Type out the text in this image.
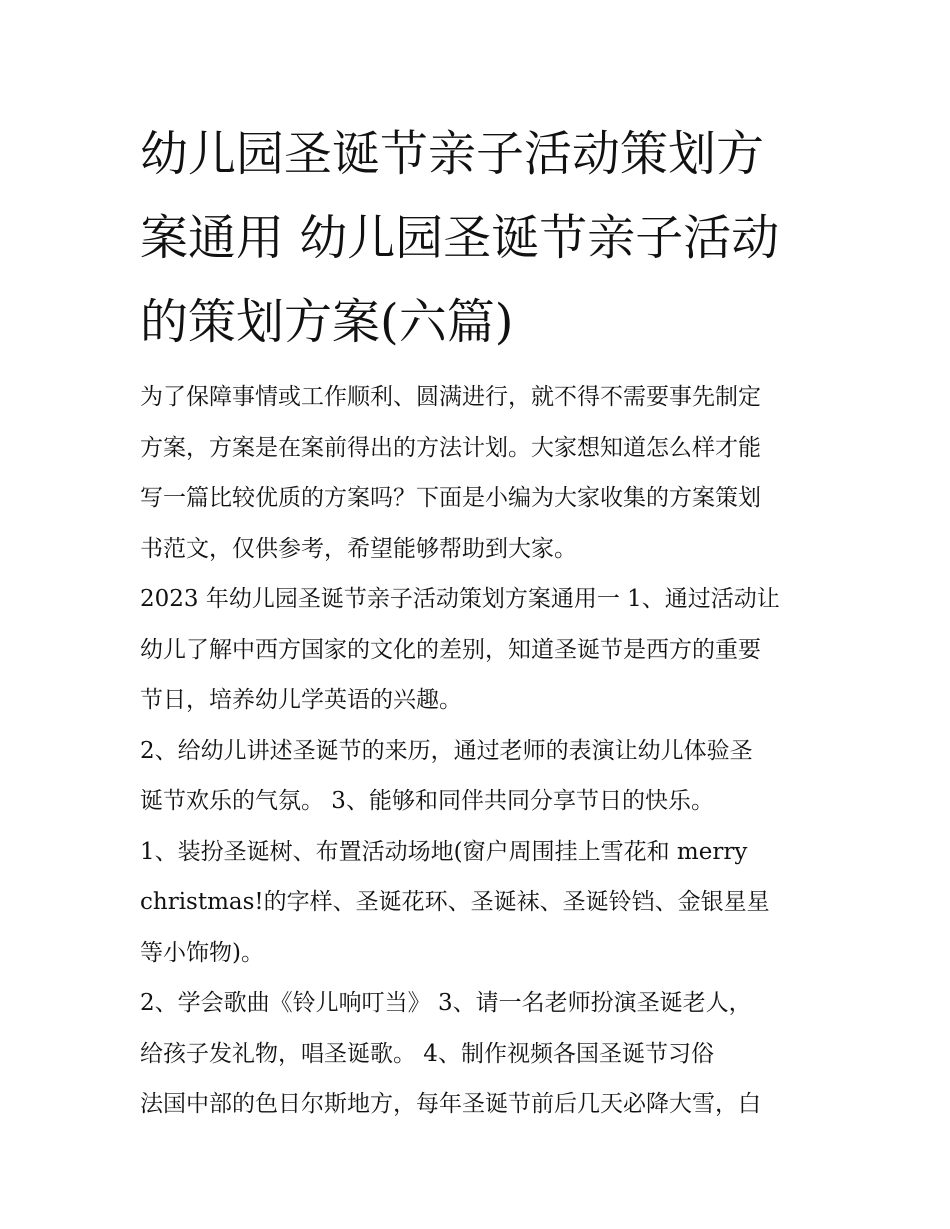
幼儿园圣诞节亲子活动策划方
案通用 幼儿园圣诞节亲子活动
的策划方案(六篇)

为了保障事情或工作顺利、圆满进行，就不得不需要事先制定
方案，方案是在案前得出的方法计划。大家想知道怎么样才能
写一篇比较优质的方案吗？下面是小编为大家收集的方案策划
书范文，仅供参考，希望能够帮助到大家。

2023 年幼儿园圣诞节亲子活动策划方案通用一 1、通过活动让
幼儿了解中西方国家的文化的差别，知道圣诞节是西方的重要
节日，培养幼儿学英语的兴趣。

2、给幼儿讲述圣诞节的来历，通过老师的表演让幼儿体验圣
诞节欢乐的气氛。 3、能够和同伴共同分享节日的快乐。

1、装扮圣诞树、布置活动场地(窗户周围挂上雪花和 merry
christmas!的字样、圣诞花环、圣诞袜、圣诞铃铛、金银星星
等小饰物)。

2、学会歌曲《铃儿响叮当》 3、请一名老师扮演圣诞老人，
给孩子发礼物，唱圣诞歌。 4、制作视频各国圣诞节习俗
法国中部的色日尔斯地方，每年圣诞节前后几天必降大雪，白
